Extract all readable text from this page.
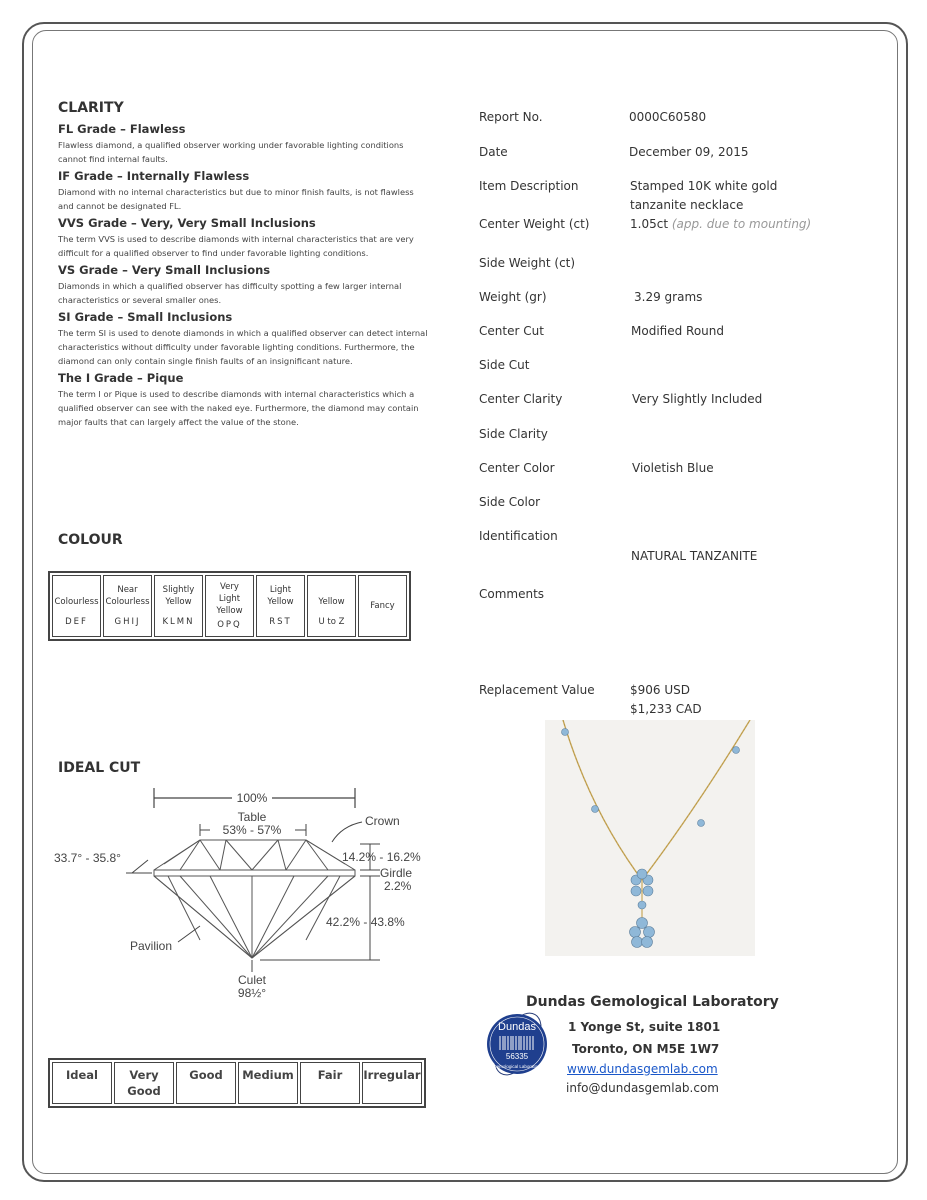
CLARITY

FL Grade – Flawless

Flawless diamond, a qualified observer working under favorable lighting conditions
cannot find internal faults.

IF Grade – Internally Flawless

Diamond with no internal characteristics but due to minor finish faults, is not flawless
and cannot be designated FL.

VVS Grade – Very, Very Small Inclusions

The term VVS is used to describe diamonds with internal characteristics that are very
difficult for a qualified observer to find under favorable lighting conditions.

VS Grade – Very Small Inclusions

Diamonds in which a qualified observer has difficulty spotting a few larger internal
characteristics or several smaller ones.

SI Grade – Small Inclusions

The term SI is used to denote diamonds in which a qualified observer can detect internal
characteristics without difficulty under favorable lighting conditions. Furthermore, the
diamond can only contain single finish faults of an insignificant nature.

The I Grade – Pique

The term I or Pique is used to describe diamonds with internal characteristics which a
qualified observer can see with the naked eye. Furthermore, the diamond may contain
major faults that can largely affect the value of the stone.

COLOUR

Colourless
DEF
	Near
Colourless
GHIJ
	Slightly
Yellow
KLMN
	Very
Light
Yellow
OPQ
	Light
Yellow
RST

Yellow
U to Z
	Fancy

IDEAL CUT

100%
Table
53% - 57%
Crown
33.7° - 35.8°	14.2% - 16.2%
Girdle
2.2%
42.2% - 43.8%
Pavilion
Culet
98½°
Ideal	Very
Good	Good	Medium	Fair	Irregular
Report No.	0000C60580
Date	December 09, 2015
Item Description	Stamped 10K white gold
tanzanite necklace
Center Weight (ct)	1.05ct (app. due to mounting)
Side Weight (ct)
Weight (gr)	3.29 grams
Center Cut	Modified Round
Side Cut
Center Clarity	Very Slightly Included
Side Clarity
Center Color	Violetish Blue
Side Color
Identification
NATURAL TANZANITE
Comments
Replacement Value	$906 USD
$1,233 CAD
Dundas
56335
Gemological Laboratory
Dundas Gemological Laboratory
1 Yonge St, suite 1801
Toronto, ON M5E 1W7
www.dundasgemlab.com
info@dundasgemlab.com
